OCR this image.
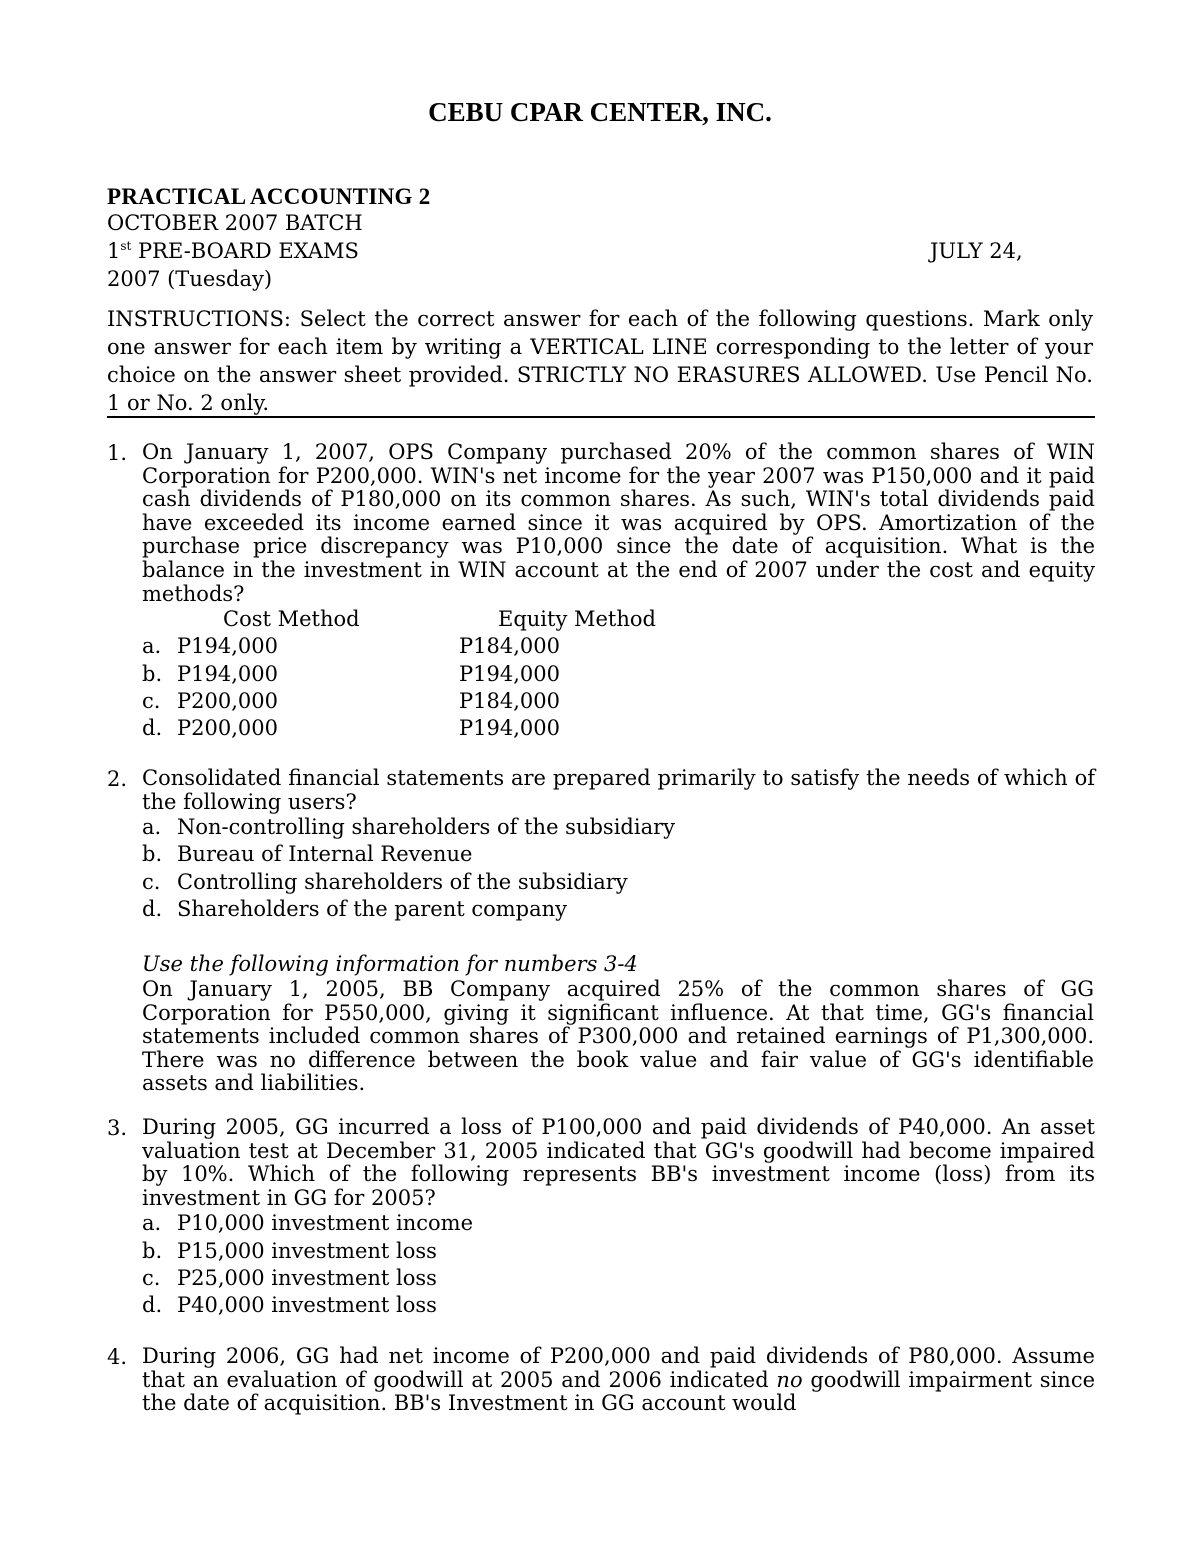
CEBU CPAR CENTER, INC.
PRACTICAL ACCOUNTING 2
OCTOBER 2007 BATCH
1st PRE-BOARD EXAMS	JULY 24,
2007 (Tuesday)
INSTRUCTIONS: Select the correct answer for each of the following questions. Mark only one answer for each item by writing a VERTICAL LINE corresponding to the letter of your choice on the answer sheet provided. STRICTLY NO ERASURES ALLOWED. Use Pencil No. 1 or No. 2 only.
1. On January 1, 2007, OPS Company purchased 20% of the common shares of WIN Corporation for P200,000. WIN's net income for the year 2007 was P150,000 and it paid cash dividends of P180,000 on its common shares. As such, WIN's total dividends paid have exceeded its income earned since it was acquired by OPS. Amortization of the purchase price discrepancy was P10,000 since the date of acquisition. What is the balance in the investment in WIN account at the end of 2007 under the cost and equity methods?
Cost Method	Equity Method
a. P194,000	P184,000
b. P194,000	P194,000
c. P200,000	P184,000
d. P200,000	P194,000
2. Consolidated financial statements are prepared primarily to satisfy the needs of which of the following users?
a. Non-controlling shareholders of the subsidiary
b. Bureau of Internal Revenue
c. Controlling shareholders of the subsidiary
d. Shareholders of the parent company
Use the following information for numbers 3-4
On January 1, 2005, BB Company acquired 25% of the common shares of GG Corporation for P550,000, giving it significant influence. At that time, GG's financial statements included common shares of P300,000 and retained earnings of P1,300,000. There was no difference between the book value and fair value of GG's identifiable assets and liabilities.
3. During 2005, GG incurred a loss of P100,000 and paid dividends of P40,000. An asset valuation test at December 31, 2005 indicated that GG's goodwill had become impaired by 10%. Which of the following represents BB's investment income (loss) from its investment in GG for 2005?
a. P10,000 investment income
b. P15,000 investment loss
c. P25,000 investment loss
d. P40,000 investment loss
4. During 2006, GG had net income of P200,000 and paid dividends of P80,000. Assume that an evaluation of goodwill at 2005 and 2006 indicated no goodwill impairment since the date of acquisition. BB's Investment in GG account would
